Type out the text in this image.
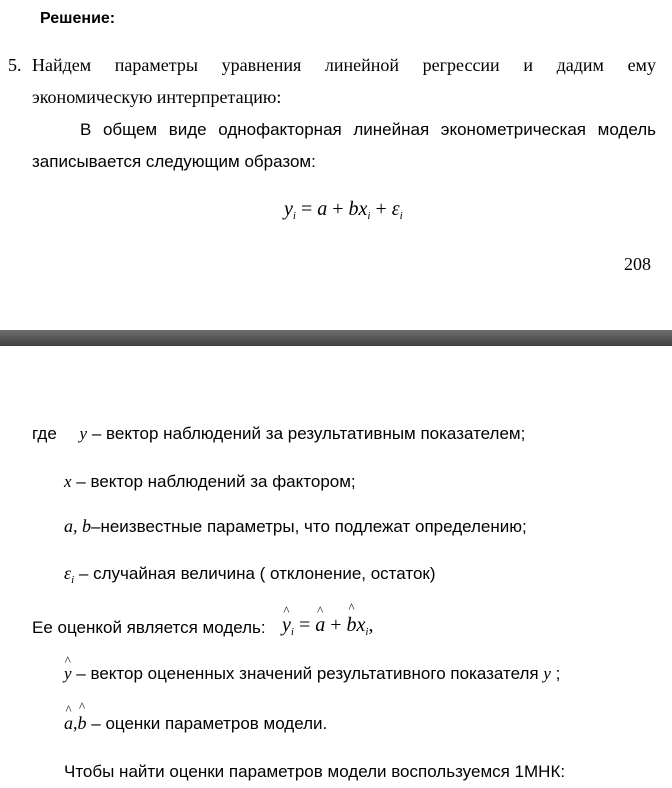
Решение:
5. Найдем параметры уравнения линейной регрессии и дадим ему
экономическую интерпретацию:
В общем виде однофакторная линейная эконометрическая модель
записывается следующим образом:
$y_i = a + bx_i + \varepsilon_i$
208
где y – вектор наблюдений за результативным показателем;
x – вектор наблюдений за фактором;
a, b–неизвестные параметры, что подлежат определению;
$\varepsilon_i$ – случайная величина ( отклонение, остаток)
Ее оценкой является модель:
^ $y_i$ = ^ a + ^ $bx_i$,
^ y – вектор оцененных значений результативного показателя y ;
^ a,^ b – оценки параметров модели.
Чтобы найти оценки параметров модели воспользуемся 1МНК:
